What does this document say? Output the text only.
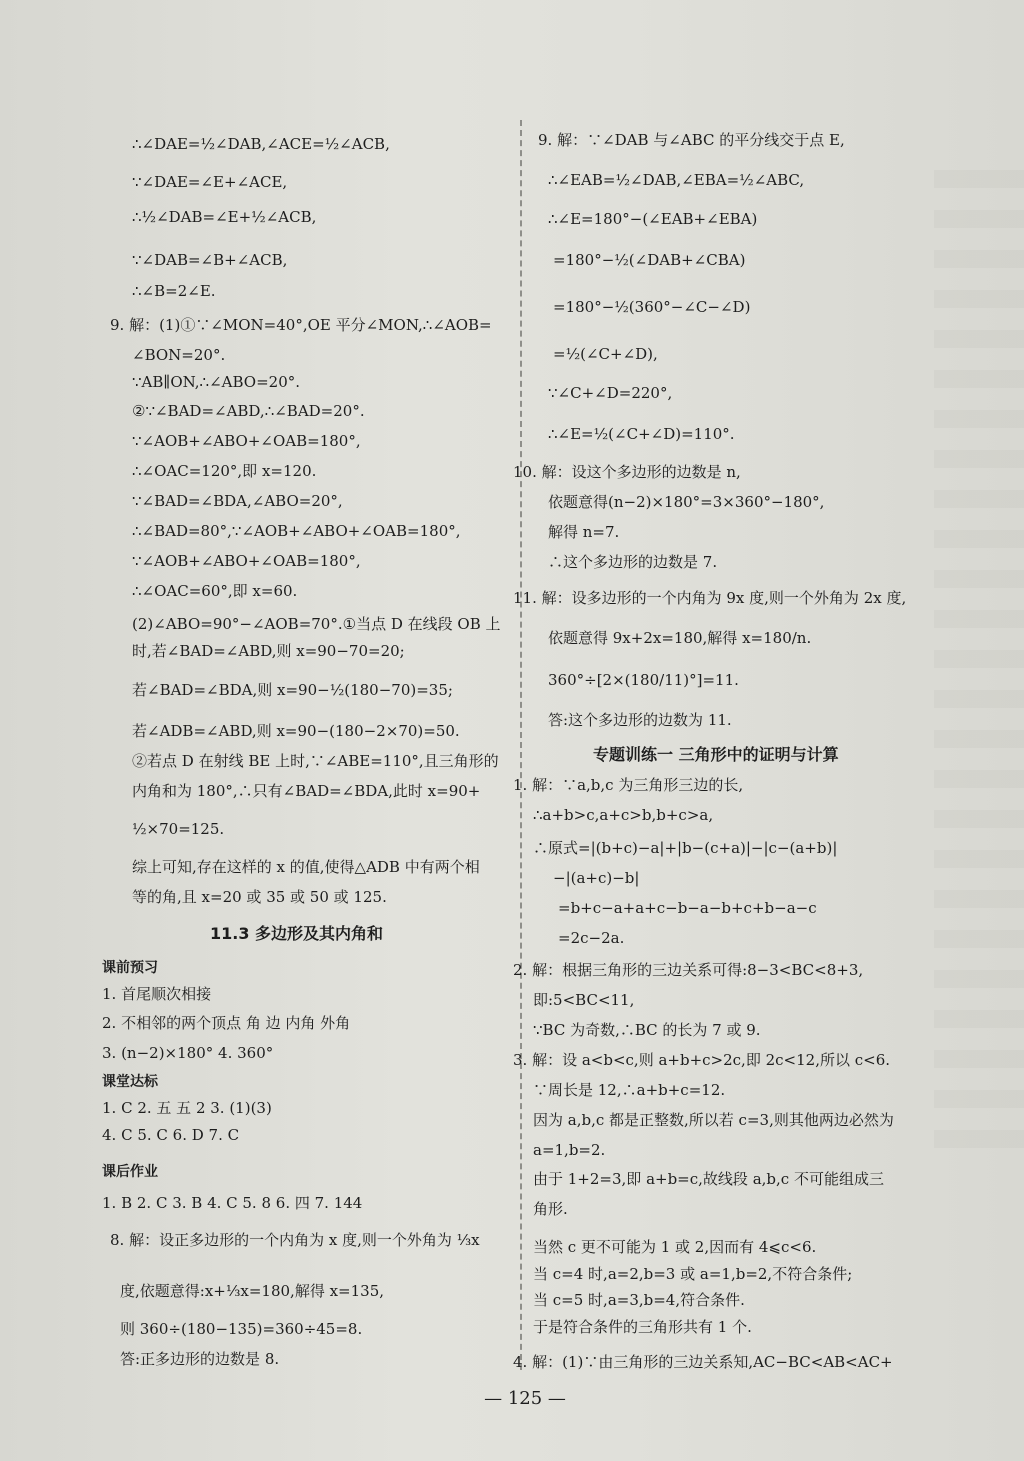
∴∠DAE=½∠DAB,∠ACE=½∠ACB,
∵∠DAE=∠E+∠ACE,
∴½∠DAB=∠E+½∠ACB,
∵∠DAB=∠B+∠ACB,
∴∠B=2∠E.
9. 解：(1)①∵∠MON=40°,OE 平分∠MON,∴∠AOB=
∠BON=20°.
∵AB∥ON,∴∠ABO=20°.
②∵∠BAD=∠ABD,∴∠BAD=20°.
∵∠AOB+∠ABO+∠OAB=180°,
∴∠OAC=120°,即 x=120.
∵∠BAD=∠BDA,∠ABO=20°,
∴∠BAD=80°,∵∠AOB+∠ABO+∠OAB=180°,
∵∠AOB+∠ABO+∠OAB=180°,
∴∠OAC=60°,即 x=60.
(2)∠ABO=90°−∠AOB=70°.①当点 D 在线段 OB 上
时,若∠BAD=∠ABD,则 x=90−70=20;
若∠BAD=∠BDA,则 x=90−½(180−70)=35;
若∠ADB=∠ABD,则 x=90−(180−2×70)=50.
②若点 D 在射线 BE 上时,∵∠ABE=110°,且三角形的
内角和为 180°,∴只有∠BAD=∠BDA,此时 x=90+
½×70=125.
综上可知,存在这样的 x 的值,使得△ADB 中有两个相
等的角,且 x=20 或 35 或 50 或 125.
11.3 多边形及其内角和
课前预习
1. 首尾顺次相接
2. 不相邻的两个顶点 角 边 内角 外角
3. (n−2)×180° 4. 360°
课堂达标
1. C 2. 五 五 2 3. (1)(3)
4. C 5. C 6. D 7. C
课后作业
1. B 2. C 3. B 4. C 5. 8 6. 四 7. 144
8. 解：设正多边形的一个内角为 x 度,则一个外角为 ⅓x
度,依题意得:x+⅓x=180,解得 x=135,
则 360÷(180−135)=360÷45=8.
答:正多边形的边数是 8.
9. 解：∵∠DAB 与∠ABC 的平分线交于点 E,
∴∠EAB=½∠DAB,∠EBA=½∠ABC,
∴∠E=180°−(∠EAB+∠EBA)
=180°−½(∠DAB+∠CBA)
=180°−½(360°−∠C−∠D)
=½(∠C+∠D),
∵∠C+∠D=220°,
∴∠E=½(∠C+∠D)=110°.
10. 解：设这个多边形的边数是 n,
依题意得(n−2)×180°=3×360°−180°,
解得 n=7.
∴这个多边形的边数是 7.
11. 解：设多边形的一个内角为 9x 度,则一个外角为 2x 度,
依题意得 9x+2x=180,解得 x=180/n.
360°÷[2×(180/11)°]=11.
答:这个多边形的边数为 11.
专题训练一 三角形中的证明与计算
1. 解：∵a,b,c 为三角形三边的长,
∴a+b>c,a+c>b,b+c>a,
∴原式=|(b+c)−a|+|b−(c+a)|−|c−(a+b)|
−|(a+c)−b|
=b+c−a+a+c−b−a−b+c+b−a−c
=2c−2a.
2. 解：根据三角形的三边关系可得:8−3<BC<8+3,
即:5<BC<11,
∵BC 为奇数,∴BC 的长为 7 或 9.
3. 解：设 a<b<c,则 a+b+c>2c,即 2c<12,所以 c<6.
∵周长是 12,∴a+b+c=12.
因为 a,b,c 都是正整数,所以若 c=3,则其他两边必然为
a=1,b=2.
由于 1+2=3,即 a+b=c,故线段 a,b,c 不可能组成三
角形.
当然 c 更不可能为 1 或 2,因而有 4⩽c<6.
当 c=4 时,a=2,b=3 或 a=1,b=2,不符合条件;
当 c=5 时,a=3,b=4,符合条件.
于是符合条件的三角形共有 1 个.
4. 解：(1)∵由三角形的三边关系知,AC−BC<AB<AC+
— 125 —
